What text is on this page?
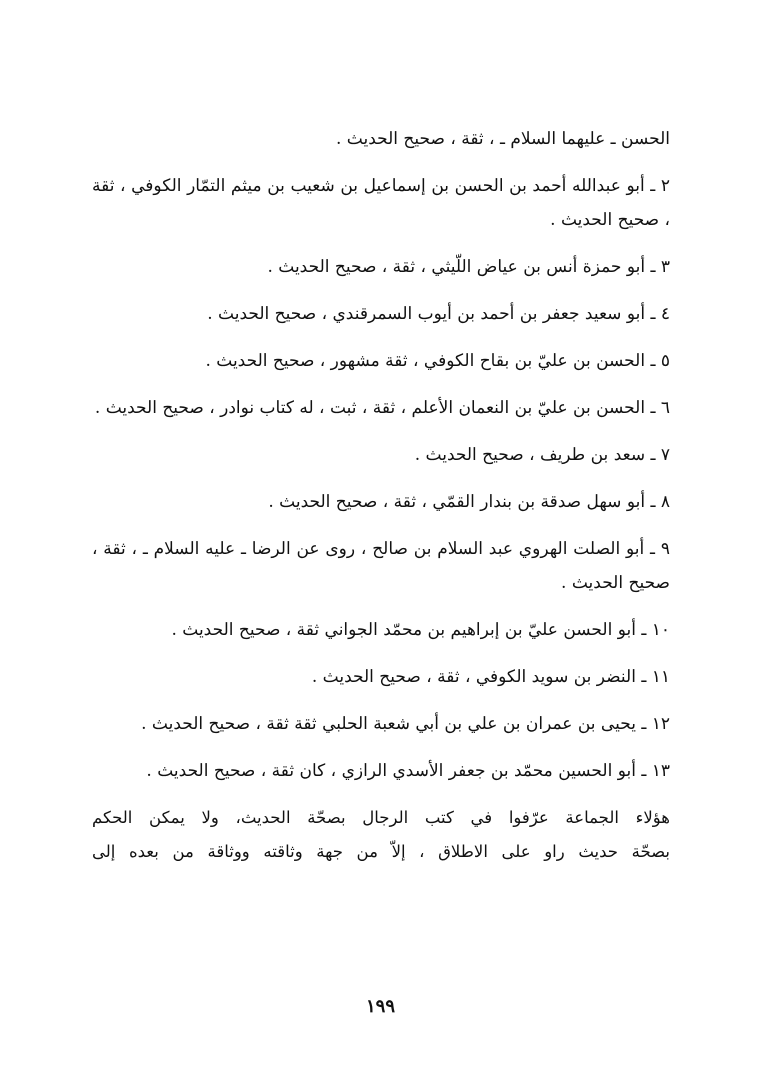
الحسن ـ عليهما السلام ـ ، ثقة ، صحيح الحديث .

٢ ـ أبو عبدالله أحمد بن الحسن بن إسماعيل بن شعيب بن ميثم التمّار الكوفي ، ثقة ، صحيح الحديث .

٣ ـ أبو حمزة أنس بن عياض اللّيثي ، ثقة ، صحيح الحديث .

٤ ـ أبو سعيد جعفر بن أحمد بن أيوب السمرقندي ، صحيح الحديث .

٥ ـ الحسن بن عليّ بن بقاح الكوفي ، ثقة مشهور ، صحيح الحديث .

٦ ـ الحسن بن عليّ بن النعمان الأعلم ، ثقة ، ثبت ، له كتاب نوادر ، صحيح الحديث .

٧ ـ سعد بن طريف ، صحيح الحديث .

٨ ـ أبو سهل صدقة بن بندار القمّي ، ثقة ، صحيح الحديث .

٩ ـ أبو الصلت الهروي عبد السلام بن صالح ، روى عن الرضا ـ عليه السلام ـ ، ثقة ، صحيح الحديث .

١٠ ـ أبو الحسن عليّ بن إبراهيم بن محمّد الجواني ثقة ، صحيح الحديث .

١١ ـ النضر بن سويد الكوفي ، ثقة ، صحيح الحديث .

١٢ ـ يحيى بن عمران بن علي بن أبي شعبة الحلبي ثقة ثقة ، صحيح الحديث .

١٣ ـ أبو الحسين محمّد بن جعفر الأسدي الرازي ، كان ثقة ، صحيح الحديث .

هؤلاء الجماعة عرّفوا في كتب الرجال بصحّة الحديث، ولا يمكن الحكم
بصحّة حديث راو على الاطلاق ، إلاّ من جهة وثاقته ووثاقة من بعده إلى
١٩٩
